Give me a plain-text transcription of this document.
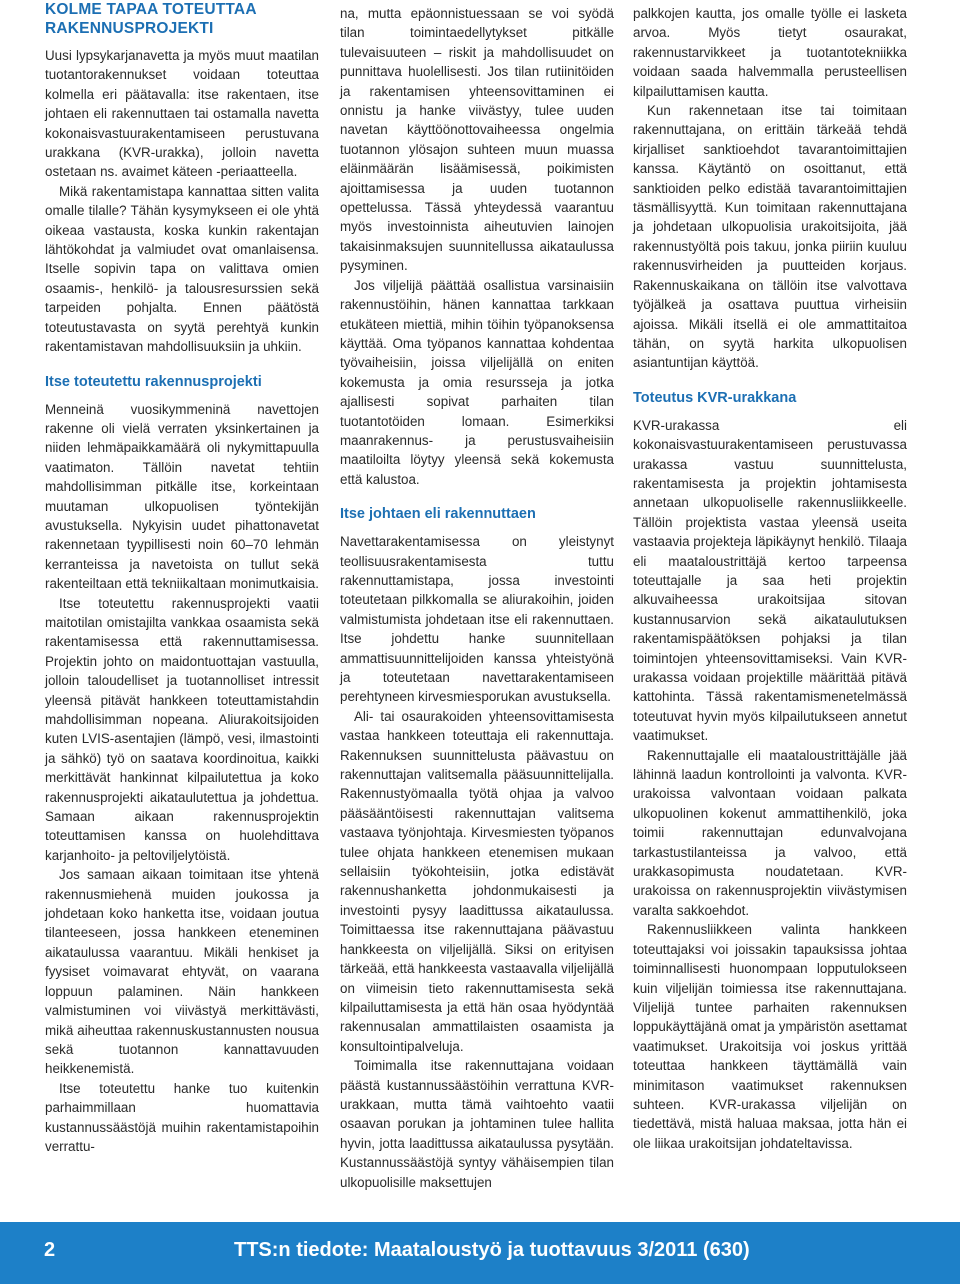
KOLME TAPAA TOTEUTTAA RAKENNUSPROJEKTI

Uusi lypsykarjanavetta ja myös muut maatilan tuotantorakennukset voidaan toteuttaa kolmella eri päätavalla: itse rakentaen, itse johtaen eli rakennuttaen tai ostamalla navetta kokonaisvastuurakentamiseen perustuvana urakkana (KVR-urakka), jolloin navetta ostetaan ns. avaimet käteen -periaatteella.

Mikä rakentamistapa kannattaa sitten valita omalle tilalle? Tähän kysymykseen ei ole yhtä oikeaa vastausta, koska kunkin rakentajan lähtökohdat ja valmiudet ovat omanlaisensa. Itselle sopivin tapa on valittava omien osaamis-, henkilö- ja talousresurssien sekä tarpeiden pohjalta. Ennen päätöstä toteutustavasta on syytä perehtyä kunkin rakentamistavan mahdollisuuksiin ja uhkiin.

Itse toteutettu rakennusprojekti

Menneinä vuosikymmeninä navettojen rakenne oli vielä verraten yksinkertainen ja niiden lehmäpaikkamäärä oli nykymittapuulla vaatimaton. Tällöin navetat tehtiin mahdollisimman pitkälle itse, korkeintaan muutaman ulkopuolisen työntekijän avustuksella. Nykyisin uudet pihattonavetat rakennetaan tyypillisesti noin 60–70 lehmän kerranteissa ja navetoista on tullut sekä rakenteiltaan että tekniikaltaan monimutkaisia.

Itse toteutettu rakennusprojekti vaatii maitotilan omistajilta vankkaa osaamista sekä rakentamisessa että rakennuttamisessa. Projektin johto on maidontuottajan vastuulla, jolloin taloudelliset ja tuotannolliset intressit yleensä pitävät hankkeen toteuttamistahdin mahdollisimman nopeana. Aliurakoitsijoiden kuten LVIS-asentajien (lämpö, vesi, ilmastointi ja sähkö) työ on saatava koordinoitua, kaikki merkittävät hankinnat kilpailutettua ja koko rakennusprojekti aikataulutettua ja johdettua. Samaan aikaan rakennusprojektin toteuttamisen kanssa on huolehdittava karjanhoito- ja peltoviljelytöistä.

Jos samaan aikaan toimitaan itse yhtenä rakennusmiehenä muiden joukossa ja johdetaan koko hanketta itse, voidaan joutua tilanteeseen, jossa hankkeen eteneminen aikataulussa vaarantuu. Mikäli henkiset ja fyysiset voimavarat ehtyvät, on vaarana loppuun palaminen. Näin hankkeen valmistuminen voi viivästyä merkittävästi, mikä aiheuttaa rakennuskustannusten nousua sekä tuotannon kannattavuuden heikkenemistä.

Itse toteutettu hanke tuo kuitenkin parhaimmillaan huomattavia kustannussäästöjä muihin rakentamistapoihin verrattu-

na, mutta epäonnistuessaan se voi syödä tilan toimintaedellytykset pitkälle tulevaisuuteen – riskit ja mahdollisuudet on punnittava huolellisesti. Jos tilan rutiinitöiden ja rakentamisen yhteensovittaminen ei onnistu ja hanke viivästyy, tulee uuden navetan käyttöönottovaiheessa ongelmia tuotannon ylösajon suhteen muun muassa eläinmäärän lisäämisessä, poikimisten ajoittamisessa ja uuden tuotannon opettelussa. Tässä yhteydessä vaarantuu myös investoinnista aiheutuvien lainojen takaisinmaksujen suunnitellussa aikataulussa pysyminen.

Jos viljelijä päättää osallistua varsinaisiin rakennustöihin, hänen kannattaa tarkkaan etukäteen miettiä, mihin töihin työpanoksensa käyttää. Oma työpanos kannattaa kohdentaa työvaiheisiin, joissa viljelijällä on eniten kokemusta ja omia resursseja ja jotka ajallisesti sopivat parhaiten tilan tuotantotöiden lomaan. Esimerkiksi maanrakennus- ja perustusvaiheisiin maatiloilta löytyy yleensä sekä kokemusta että kalustoa.

Itse johtaen eli rakennuttaen

Navettarakentamisessa on yleistynyt teollisuusrakentamisesta tuttu rakennuttamistapa, jossa investointi toteutetaan pilkkomalla se aliurakoihin, joiden valmistumista johdetaan itse eli rakennuttaen. Itse johdettu hanke suunnitellaan ammattisuunnittelijoiden kanssa yhteistyönä ja toteutetaan navettarakentamiseen perehtyneen kirvesmiesporukan avustuksella.

Ali- tai osaurakoiden yhteensovittamisesta vastaa hankkeen toteuttaja eli rakennuttaja. Rakennuksen suunnittelusta päävastuu on rakennuttajan valitsemalla pääsuunnittelijalla. Rakennustyömaalla työtä ohjaa ja valvoo pääsääntöisesti rakennuttajan valitsema vastaava työnjohtaja. Kirvesmiesten työpanos tulee ohjata hankkeen etenemisen mukaan sellaisiin työkohteisiin, jotka edistävät rakennushanketta johdonmukaisesti ja investointi pysyy laadittussa aikataulussa. Toimittaessa itse rakennuttajana päävastuu hankkeesta on viljelijällä. Siksi on erityisen tärkeää, että hankkeesta vastaavalla viljelijällä on viimeisin tieto rakennuttamisesta sekä kilpailuttamisesta ja että hän osaa hyödyntää rakennusalan ammattilaisten osaamista ja konsultointipalveluja.

Toimimalla itse rakennuttajana voidaan päästä kustannussäästöihin verrattuna KVR-urakkaan, mutta tämä vaihtoehto vaatii osaavan porukan ja johtaminen tulee hallita hyvin, jotta laadittussa aikataulussa pysytään. Kustannussäästöjä syntyy vähäisempien tilan ulkopuolisille maksettujen

palkkojen kautta, jos omalle työlle ei lasketa arvoa. Myös tietyt osaurakat, rakennustarvikkeet ja tuotantotekniikka voidaan saada halvemmalla perusteellisen kilpailuttamisen kautta.

Kun rakennetaan itse tai toimitaan rakennuttajana, on erittäin tärkeää tehdä kirjalliset sanktioehdot tavarantoimittajien kanssa. Käytäntö on osoittanut, että sanktioiden pelko edistää tavarantoimittajien täsmällisyyttä. Kun toimitaan rakennuttajana ja johdetaan ulkopuolisia urakoitsijoita, jää rakennustyöltä pois takuu, jonka piiriin kuuluu rakennusvirheiden ja puutteiden korjaus. Rakennuskaikana on tällöin itse valvottava työjälkeä ja osattava puuttua virheisiin ajoissa. Mikäli itsellä ei ole ammattitaitoa tähän, on syytä harkita ulkopuolisen asiantuntijan käyttöä.

Toteutus KVR-urakkana

KVR-urakassa eli kokonaisvastuurakentamiseen perustuvassa urakassa vastuu suunnittelusta, rakentamisesta ja projektin johtamisesta annetaan ulkopuoliselle rakennusliikkeelle. Tällöin projektista vastaa yleensä useita vastaavia projekteja läpikäynyt henkilö. Tilaaja eli maataloustrittäjä kertoo tarpeensa toteuttajalle ja saa heti projektin alkuvaiheessa urakoitsijaa sitovan kustannusarvion sekä aikataulutuksen rakentamispäätöksen pohjaksi ja tilan toimintojen yhteensovittamiseksi. Vain KVR-urakassa voidaan projektille määrittää pitävä kattohinta. Tässä rakentamismenetelmässä toteutuvat hyvin myös kilpailutukseen annetut vaatimukset.

Rakennuttajalle eli maataloustrittäjälle jää lähinnä laadun kontrollointi ja valvonta. KVR-urakoissa valvontaan voidaan palkata ulkopuolinen kokenut ammattihenkilö, joka toimii rakennuttajan edunvalvojana tarkastustilanteissa ja valvoo, että urakkasopimusta noudatetaan. KVR-urakoissa on rakennusprojektin viivästymisen varalta sakkoehdot.

Rakennusliikkeen valinta hankkeen toteuttajaksi voi joissakin tapauksissa johtaa toiminnallisesti huonompaan lopputulokseen kuin viljelijän toimiessa itse rakennuttajana. Viljelijä tuntee parhaiten rakennuksen loppukäyttäjänä omat ja ympäristön asettamat vaatimukset. Urakoitsija voi joskus yrittää toteuttaa hankkeen täyttämällä vain minimitason vaatimukset rakennuksen suhteen. KVR-urakassa viljelijän on tiedettävä, mistä haluaa maksaa, jotta hän ei ole liikaa urakoitsijan johdateltavissa.

2	TTS:n tiedote: Maataloustyö ja tuottavuus 3/2011 (630)
